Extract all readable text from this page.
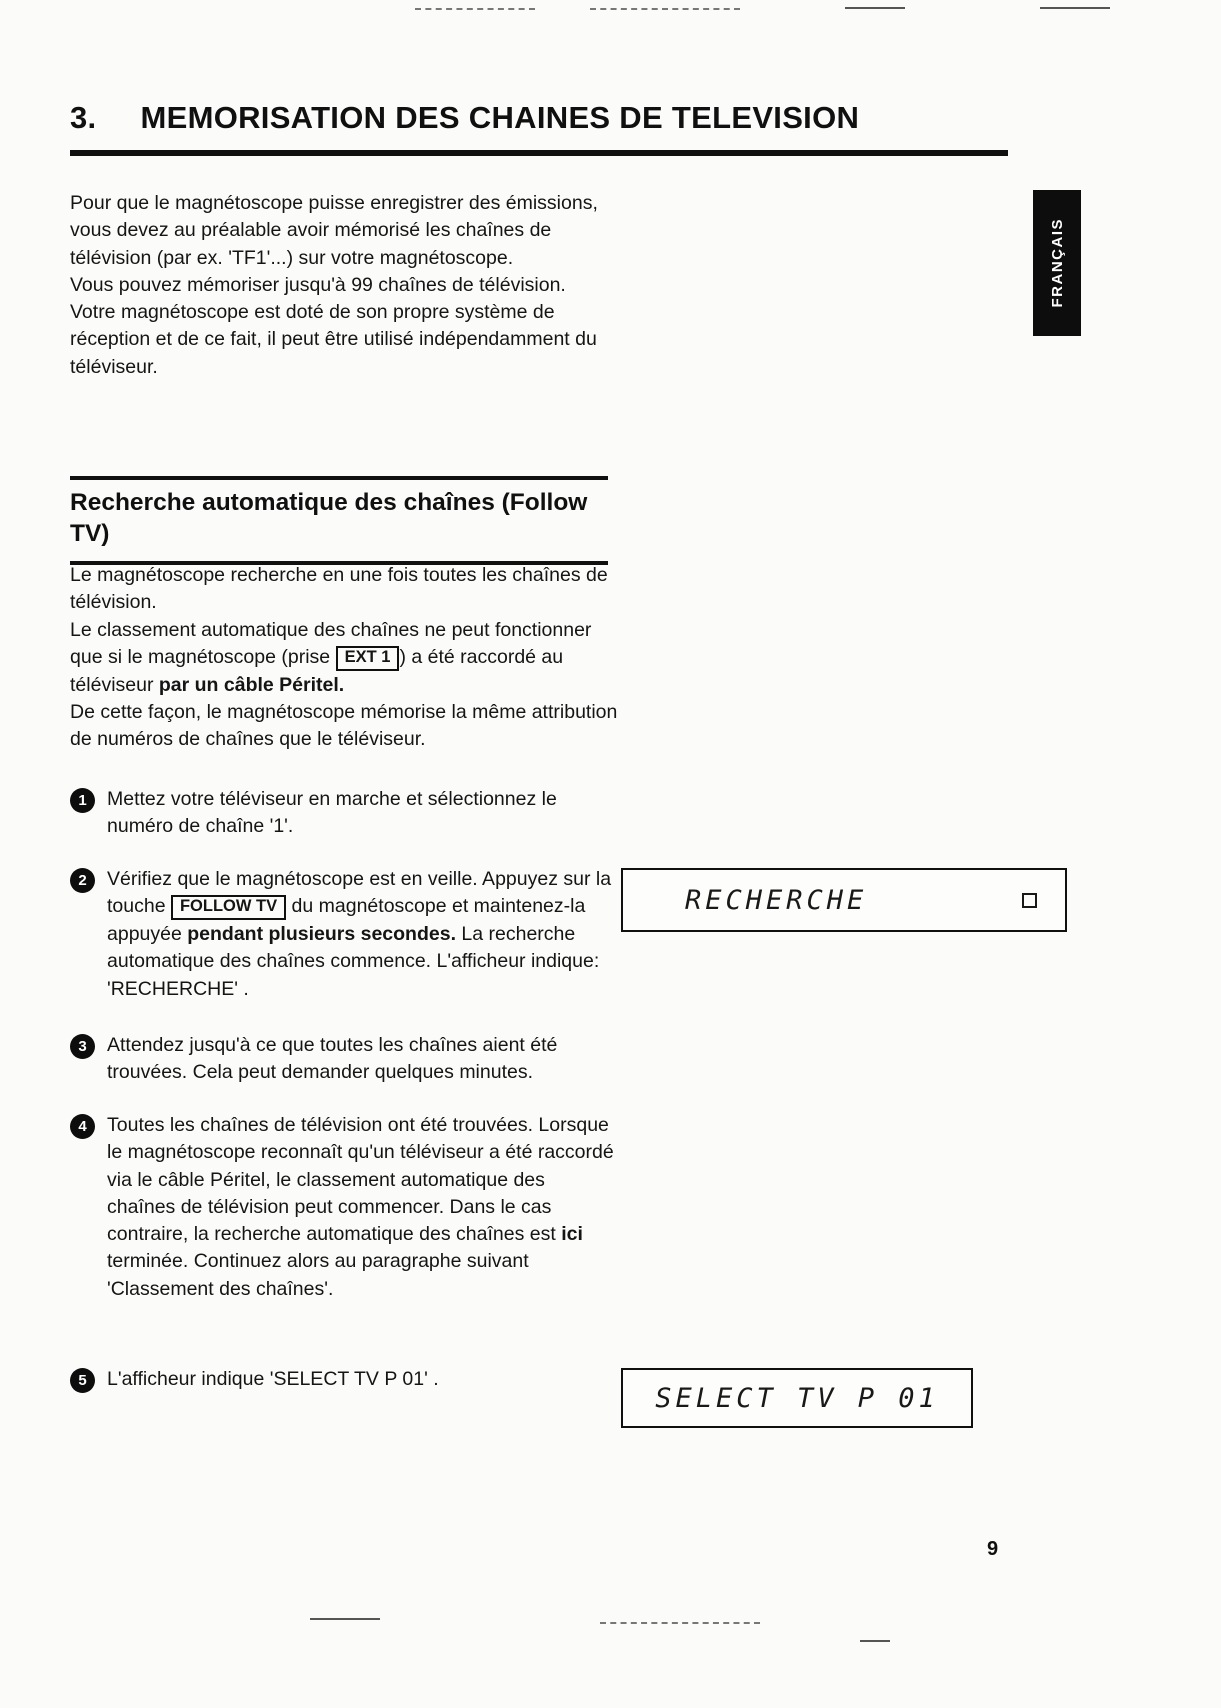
3. MEMORISATION DES CHAINES DE TELEVISION
FRANÇAIS

Pour que le magnétoscope puisse enregistrer des émissions, vous devez au préalable avoir mémorisé les chaînes de télévision (par ex. 'TF1'...) sur votre magnétoscope.

Vous pouvez mémoriser jusqu'à 99 chaînes de télévision.

Votre magnétoscope est doté de son propre système de réception et de ce fait, il peut être utilisé indépendamment du téléviseur.

Recherche automatique des chaînes (Follow TV)

Le magnétoscope recherche en une fois toutes les chaînes de télévision.

Le classement automatique des chaînes ne peut fonctionner que si le magnétoscope (prise EXT 1 ) a été raccordé au téléviseur par un câble Péritel.

De cette façon, le magnétoscope mémorise la même attribution de numéros de chaînes que le téléviseur.

1	Mettez votre téléviseur en marche et sélectionnez le numéro de chaîne '1'.
2	Vérifiez que le magnétoscope est en veille. Appuyez sur la touche FOLLOW TV du magnétoscope et maintenez-la appuyée pendant plusieurs secondes. La recherche automatique des chaînes commence. L'afficheur indique: 'RECHERCHE' .
3	Attendez jusqu'à ce que toutes les chaînes aient été trouvées. Cela peut demander quelques minutes.
4	Toutes les chaînes de télévision ont été trouvées. Lorsque le magnétoscope reconnaît qu'un téléviseur a été raccordé via le câble Péritel, le classement automatique des chaînes de télévision peut commencer. Dans le cas contraire, la recherche automatique des chaînes est ici terminée. Continuez alors au paragraphe suivant 'Classement des chaînes'.
5	L'afficheur indique 'SELECT TV P 01' .
RECHERCHE
SELECT TV P 01
9
